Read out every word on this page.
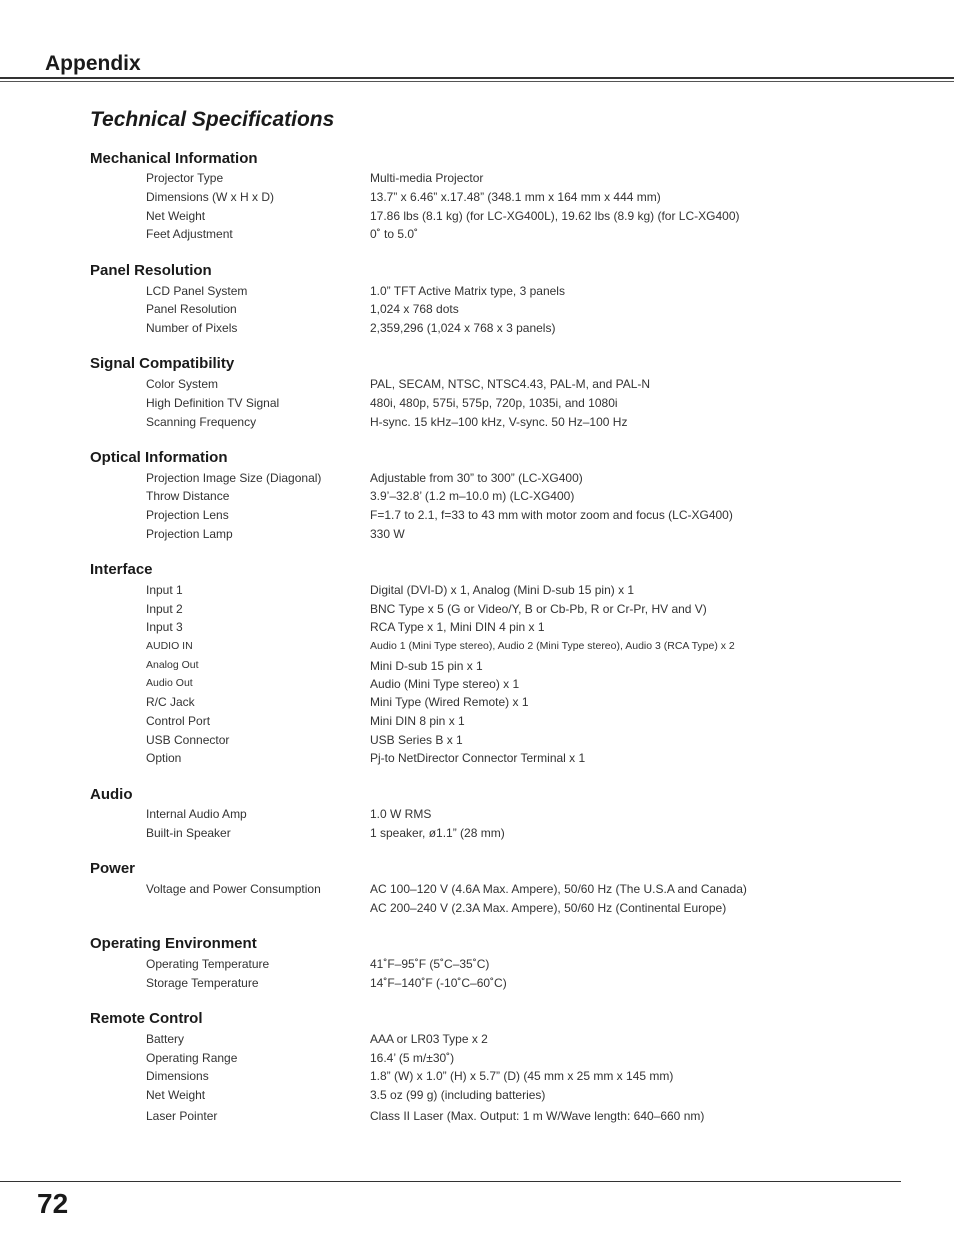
Appendix
Technical Specifications
Mechanical Information
Projector Type	Multi-media Projector
Dimensions (W x H x D)	13.7” x 6.46” x.17.48” (348.1 mm x 164 mm x 444 mm)
Net Weight	17.86 lbs (8.1 kg) (for LC-XG400L), 19.62 lbs (8.9 kg) (for LC-XG400)
Feet Adjustment	0˚ to 5.0˚
Panel Resolution
LCD Panel System	1.0” TFT Active Matrix type, 3 panels
Panel Resolution	1,024 x 768 dots
Number of Pixels	2,359,296 (1,024 x 768 x 3 panels)
Signal Compatibility
Color System	PAL, SECAM, NTSC, NTSC4.43, PAL-M, and PAL-N
High Definition TV Signal	480i, 480p, 575i, 575p, 720p, 1035i, and 1080i
Scanning Frequency	H-sync. 15 kHz–100 kHz, V-sync. 50 Hz–100 Hz
Optical Information
Projection Image Size (Diagonal)	Adjustable from 30” to 300” (LC-XG400)
Throw Distance	3.9’–32.8’ (1.2 m–10.0 m) (LC-XG400)
Projection Lens	F=1.7 to 2.1, f=33 to 43 mm with motor zoom and focus (LC-XG400)
Projection Lamp	330 W
Interface
Input 1	Digital (DVI-D) x 1, Analog (Mini D-sub 15 pin) x 1
Input 2	BNC Type x 5 (G or Video/Y, B or Cb-Pb, R or Cr-Pr, HV and V)
Input 3	RCA Type x 1, Mini DIN 4 pin x 1
AUDIO IN	Audio 1 (Mini Type stereo), Audio 2 (Mini Type stereo), Audio 3 (RCA Type) x 2
Analog Out	Mini D-sub 15 pin x 1
Audio Out	Audio (Mini Type stereo) x 1
R/C Jack	Mini Type (Wired Remote) x 1
Control Port	Mini DIN 8 pin x 1
USB Connector	USB Series B x 1
Option	Pj-to NetDirector Connector Terminal x 1
Audio
Internal Audio Amp	1.0 W RMS
Built-in Speaker	1 speaker, ø1.1” (28 mm)
Power
Voltage and Power Consumption	AC 100–120 V (4.6A Max. Ampere), 50/60 Hz (The U.S.A and Canada)
AC 200–240 V (2.3A Max. Ampere), 50/60 Hz (Continental Europe)
Operating Environment
Operating Temperature	41˚F–95˚F (5˚C–35˚C)
Storage Temperature	14˚F–140˚F (-10˚C–60˚C)
Remote Control
Battery	AAA or LR03 Type x 2
Operating Range	16.4’ (5 m/±30˚)
Dimensions	1.8” (W) x 1.0” (H) x 5.7” (D) (45 mm x 25 mm x 145 mm)
Net Weight	3.5 oz (99 g) (including batteries)
Laser Pointer	Class II Laser (Max. Output: 1 m W/Wave length: 640–660 nm)
72
